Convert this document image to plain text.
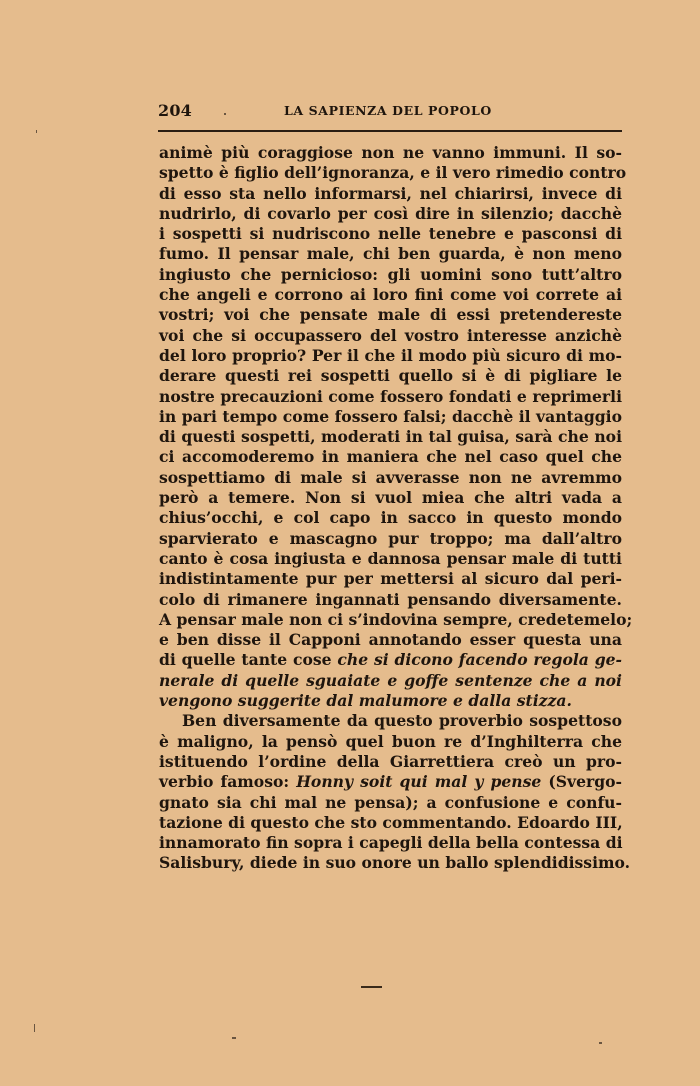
204	LA SAPIENZA DEL POPOLO
animè più coraggiose non ne vanno immuni. Il so-
spetto è figlio dell’ignoranza, e il vero rimedio contro
di esso sta nello informarsi, nel chiarirsi, invece di
nudrirlo, di covarlo per così dire in silenzio; dacchè
i sospetti si nudriscono nelle tenebre e pasconsi di
fumo. Il pensar male, chi ben guarda, è non meno
ingiusto che pernicioso: gli uomini sono tutt’altro
che angeli e corrono ai loro fini come voi correte ai
vostri; voi che pensate male di essi pretendereste
voi che si occupassero del vostro interesse anzichè
del loro proprio? Per il che il modo più sicuro di mo-
derare questi rei sospetti quello si è di pigliare le
nostre precauzioni come fossero fondati e reprimerli
in pari tempo come fossero falsi; dacchè il vantaggio
di questi sospetti, moderati in tal guisa, sarà che noi
ci accomoderemo in maniera che nel caso quel che
sospettiamo di male si avverasse non ne avremmo
però a temere. Non si vuol miea che altri vada a
chius’occhi, e col capo in sacco in questo mondo
sparvierato e mascagno pur troppo; ma dall’altro
canto è cosa ingiusta e dannosa pensar male di tutti
indistintamente pur per mettersi al sicuro dal peri-
colo di rimanere ingannati pensando diversamente.
A pensar male non ci s’indovina sempre, credetemelo;
e ben disse il Capponi annotando esser questa una
di quelle tante cose che si dicono facendo regola ge-
nerale di quelle sguaiate e goffe sentenze che a noi
vengono suggerite dal malumore e dalla stizza.
Ben diversamente da questo proverbio sospettoso
è maligno, la pensò quel buon re d’Inghilterra che
istituendo l’ordine della Giarrettiera creò un pro-
verbio famoso: Honny soit qui mal y pense (Svergo-
gnato sia chi mal ne pensa); a confusione e confu-
tazione di questo che sto commentando. Edoardo III,
innamorato fin sopra i capegli della bella contessa di
Salisbury, diede in suo onore un ballo splendidissimo.
